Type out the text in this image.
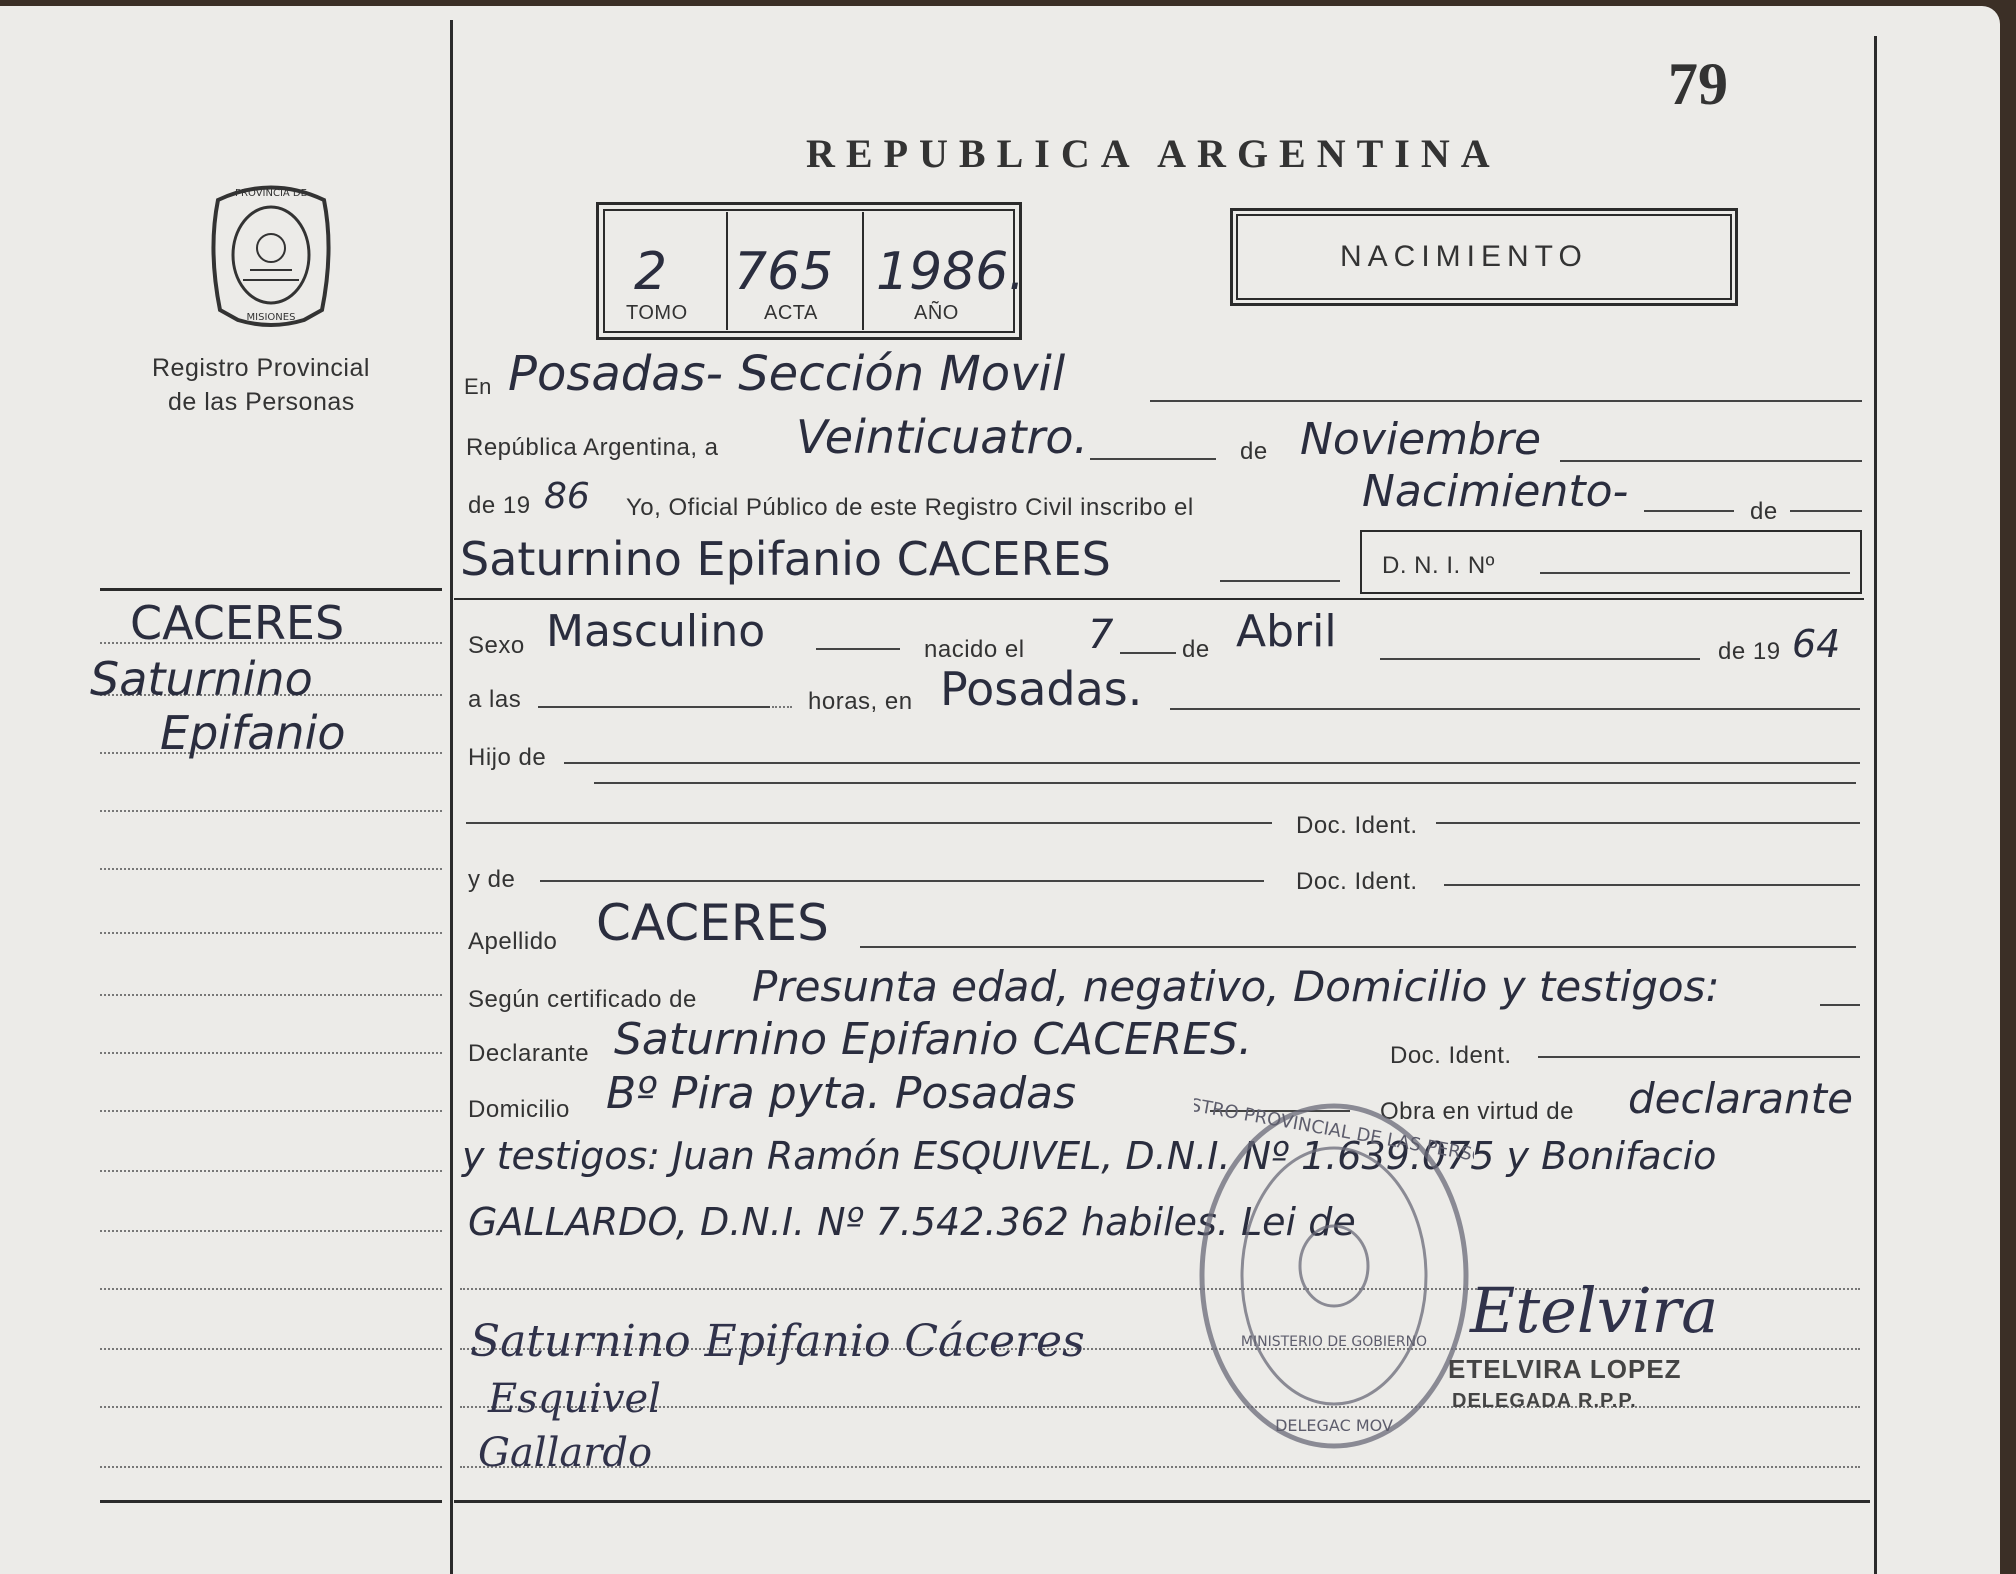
79
REPUBLICA ARGENTINA
PROVINCIA DE
MISIONES
Registro Provincial
de las Personas
2 765 1986.
TOMO	ACTA	AÑO
NACIMIENTO
CACERES
Saturnino
Epifanio
En Posadas- Sección Movil
República Argentina, a Veinticuatro.	de Noviembre
de 19 86 Yo, Oficial Público de este Registro Civil inscribo el	Nacimiento-	de
Saturnino Epifanio CACERES	D. N. I. Nº
Sexo Masculino	nacido el 7	de Abril	de 19 64
a las	horas, en Posadas.
Hijo de
Doc. Ident.
y de	Doc. Ident.
Apellido CACERES
Según certificado de Presunta edad, negativo, Domicilio y testigos:
Declarante Saturnino Epifanio CACERES.	Doc. Ident.
Domicilio Bº Pira pyta. Posadas	Obra en virtud de declarante
y testigos: Juan Ramón ESQUIVEL, D.N.I. Nº 1.639.075 y Bonifacio
GALLARDO, D.N.I. Nº 7.542.362 habiles. Lei de
REGISTRO PROVINCIAL DE LAS PERSONAS
MINISTERIO DE GOBIERNO
DELEGAC MOV
Saturnino Epifanio Cáceres
Esquivel
Gallardo
Etelvira
ETELVIRA LOPEZ
DELEGADA R.P.P.
